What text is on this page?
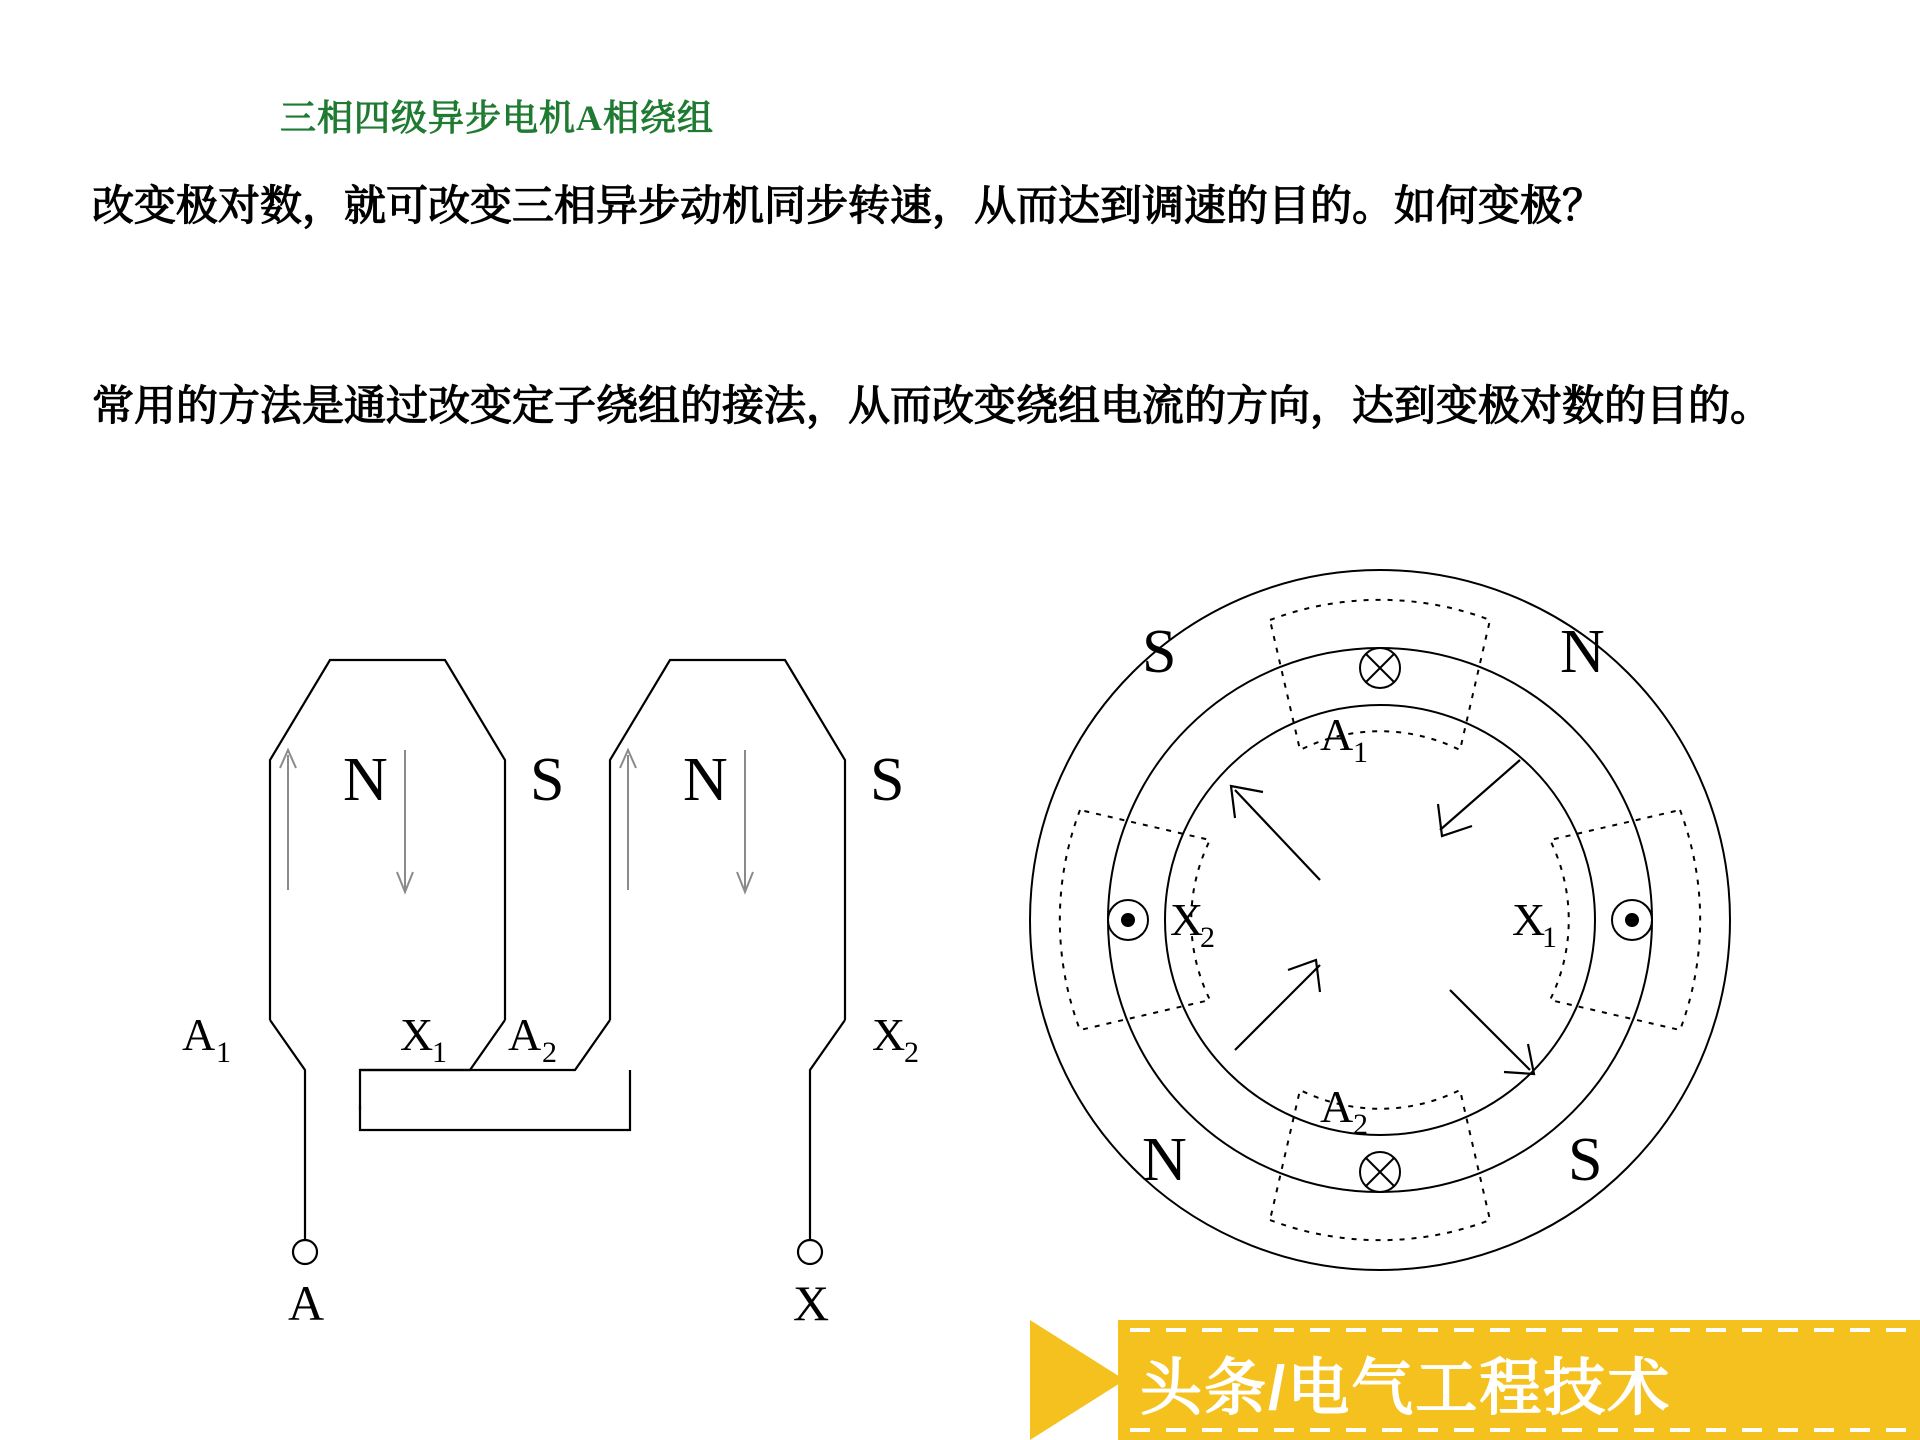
三相四级异步电机A相绕组
改变极对数，就可改变三相异步动机同步转速，从而达到调速的目的。如何变极？
常用的方法是通过改变定子绕组的接法，从而改变绕组电流的方向，达到变极对数的目的。
N S N S
A 1	X
1 A 2	X
2
A	X
S	N
N	S
A 1
A 2
X
1
X
2
头条/电气工程技术
